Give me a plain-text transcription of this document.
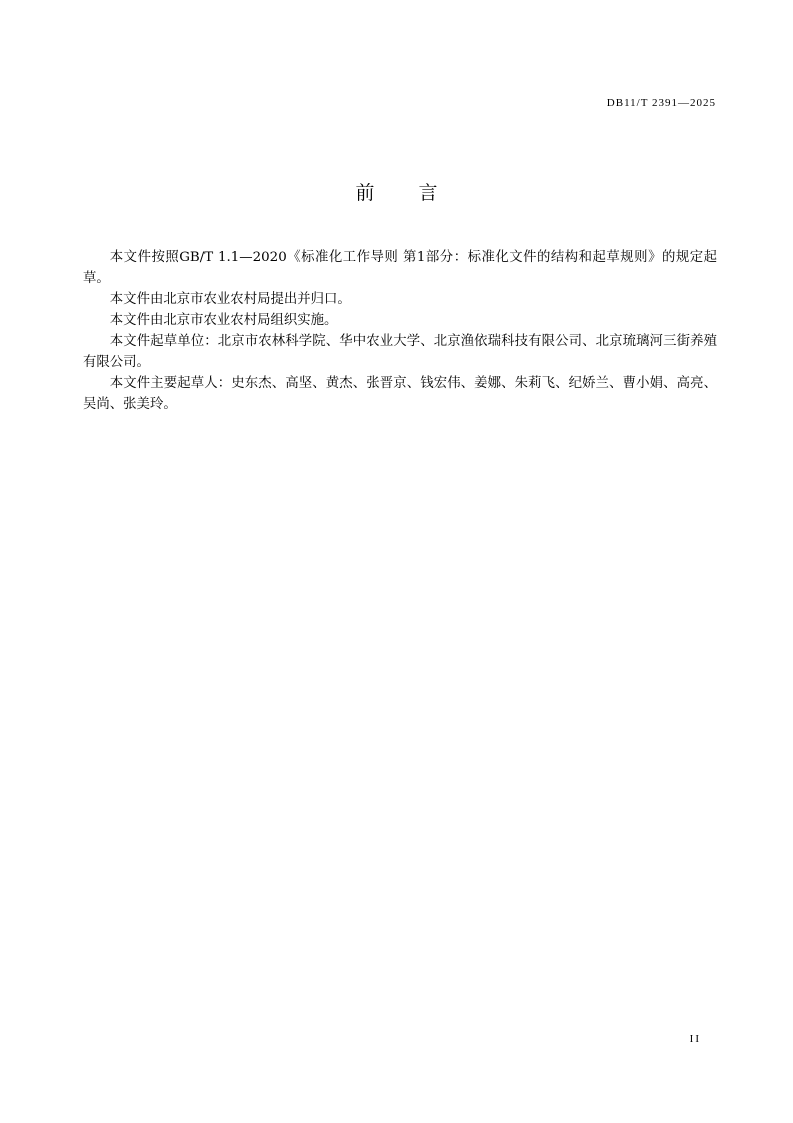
DB11/T 2391—2025
前 言

本文件按照GB/T 1.1—2020《标准化工作导则 第1部分：标准化文件的结构和起草规则》的规定起草。

本文件由北京市农业农村局提出并归口。

本文件由北京市农业农村局组织实施。

本文件起草单位：北京市农林科学院、华中农业大学、北京渔依瑞科技有限公司、北京琉璃河三街养殖有限公司。

本文件主要起草人：史东杰、高坚、黄杰、张晋京、钱宏伟、姜娜、朱莉飞、纪娇兰、曹小娟、高亮、吴尚、张美玲。

II
